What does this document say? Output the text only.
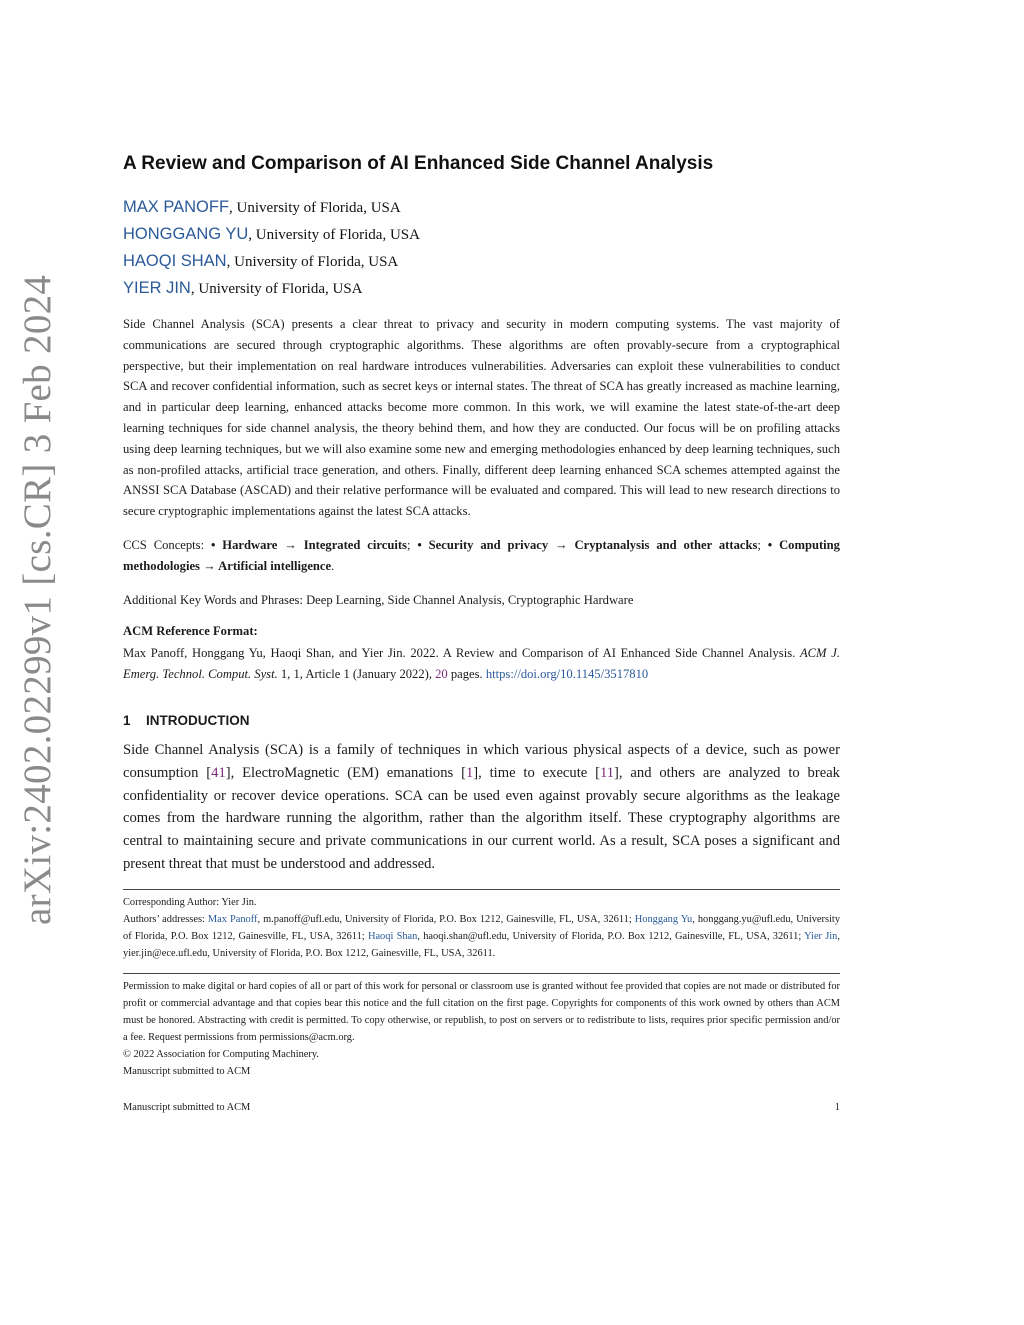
arXiv:2402.02299v1 [cs.CR] 3 Feb 2024
A Review and Comparison of AI Enhanced Side Channel Analysis
MAX PANOFF, University of Florida, USA
HONGGANG YU, University of Florida, USA
HAOQI SHAN, University of Florida, USA
YIER JIN, University of Florida, USA
Side Channel Analysis (SCA) presents a clear threat to privacy and security in modern computing systems. The vast majority of communications are secured through cryptographic algorithms. These algorithms are often provably-secure from a cryptographical perspective, but their implementation on real hardware introduces vulnerabilities. Adversaries can exploit these vulnerabilities to conduct SCA and recover confidential information, such as secret keys or internal states. The threat of SCA has greatly increased as machine learning, and in particular deep learning, enhanced attacks become more common. In this work, we will examine the latest state-of-the-art deep learning techniques for side channel analysis, the theory behind them, and how they are conducted. Our focus will be on profiling attacks using deep learning techniques, but we will also examine some new and emerging methodologies enhanced by deep learning techniques, such as non-profiled attacks, artificial trace generation, and others. Finally, different deep learning enhanced SCA schemes attempted against the ANSSI SCA Database (ASCAD) and their relative performance will be evaluated and compared. This will lead to new research directions to secure cryptographic implementations against the latest SCA attacks.
CCS Concepts: • Hardware → Integrated circuits; • Security and privacy → Cryptanalysis and other attacks; • Computing methodologies → Artificial intelligence.
Additional Key Words and Phrases: Deep Learning, Side Channel Analysis, Cryptographic Hardware
ACM Reference Format:
Max Panoff, Honggang Yu, Haoqi Shan, and Yier Jin. 2022. A Review and Comparison of AI Enhanced Side Channel Analysis. ACM J. Emerg. Technol. Comput. Syst. 1, 1, Article 1 (January 2022), 20 pages. https://doi.org/10.1145/3517810
1 INTRODUCTION
Side Channel Analysis (SCA) is a family of techniques in which various physical aspects of a device, such as power consumption [41], ElectroMagnetic (EM) emanations [1], time to execute [11], and others are analyzed to break confidentiality or recover device operations. SCA can be used even against provably secure algorithms as the leakage comes from the hardware running the algorithm, rather than the algorithm itself. These cryptography algorithms are central to maintaining secure and private communications in our current world. As a result, SCA poses a significant and present threat that must be understood and addressed.
Corresponding Author: Yier Jin.
Authors’ addresses: Max Panoff, m.panoff@ufl.edu, University of Florida, P.O. Box 1212, Gainesville, FL, USA, 32611; Honggang Yu, honggang.yu@ufl.edu, University of Florida, P.O. Box 1212, Gainesville, FL, USA, 32611; Haoqi Shan, haoqi.shan@ufl.edu, University of Florida, P.O. Box 1212, Gainesville, FL, USA, 32611; Yier Jin, yier.jin@ece.ufl.edu, University of Florida, P.O. Box 1212, Gainesville, FL, USA, 32611.
Permission to make digital or hard copies of all or part of this work for personal or classroom use is granted without fee provided that copies are not made or distributed for profit or commercial advantage and that copies bear this notice and the full citation on the first page. Copyrights for components of this work owned by others than ACM must be honored. Abstracting with credit is permitted. To copy otherwise, or republish, to post on servers or to redistribute to lists, requires prior specific permission and/or a fee. Request permissions from permissions@acm.org.
© 2022 Association for Computing Machinery.
Manuscript submitted to ACM
Manuscript submitted to ACM	1
